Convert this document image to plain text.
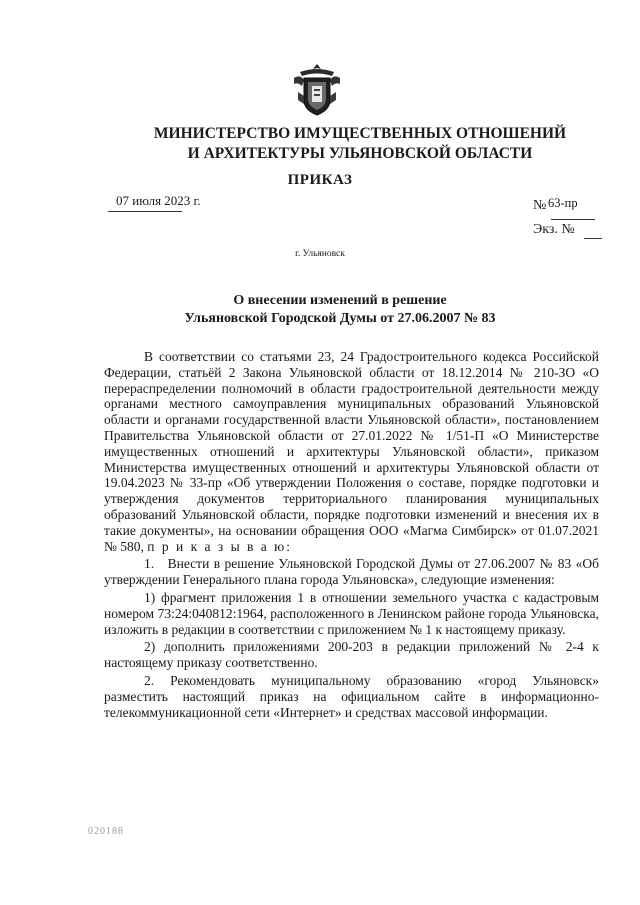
МИНИСТЕРСТВО ИМУЩЕСТВЕННЫХ ОТНОШЕНИЙ
И АРХИТЕКТУРЫ УЛЬЯНОВСКОЙ ОБЛАСТИ
ПРИКАЗ
07 июля 2023 г.	№ 63-пр
Экз. №
г. Ульяновск
О внесении изменений в решение
Ульяновской Городской Думы от 27.06.2007 № 83

В соответствии со статьями 23, 24 Градостроительного кодекса Российской Федерации, статьёй 2 Закона Ульяновской области от 18.12.2014 № 210-ЗО «О перераспределении полномочий в области градостроительной деятельности между органами местного самоуправления муниципальных образований Ульяновской области и органами государственной власти Ульяновской области», постановлением Правительства Ульяновской области от 27.01.2022 № 1/51-П «О Министерстве имущественных отношений и архитектуры Ульяновской области», приказом Министерства имущественных отношений и архитектуры Ульяновской области от 19.04.2023 № 33-пр «Об утверждении Положения о составе, порядке подготовки и утверждения документов территориального планирования муниципальных образований Ульяновской области, порядке подготовки изменений и внесения их в такие документы», на основании обращения ООО «Магма Симбирск» от 01.07.2021 № 580, п р и к а з ы в а ю:

1. Внести в решение Ульяновской Городской Думы от 27.06.2007 № 83 «Об утверждении Генерального плана города Ульяновска», следующие изменения:

1) фрагмент приложения 1 в отношении земельного участка с кадастровым номером 73:24:040812:1964, расположенного в Ленинском районе города Ульяновска, изложить в редакции в соответствии с приложением № 1 к настоящему приказу.

2) дополнить приложениями 200-203 в редакции приложений № 2-4 к настоящему приказу соответственно.

2. Рекомендовать муниципальному образованию «город Ульяновск» разместить настоящий приказ на официальном сайте в информационно-телекоммуникационной сети «Интернет» и средствах массовой информации.

020188
